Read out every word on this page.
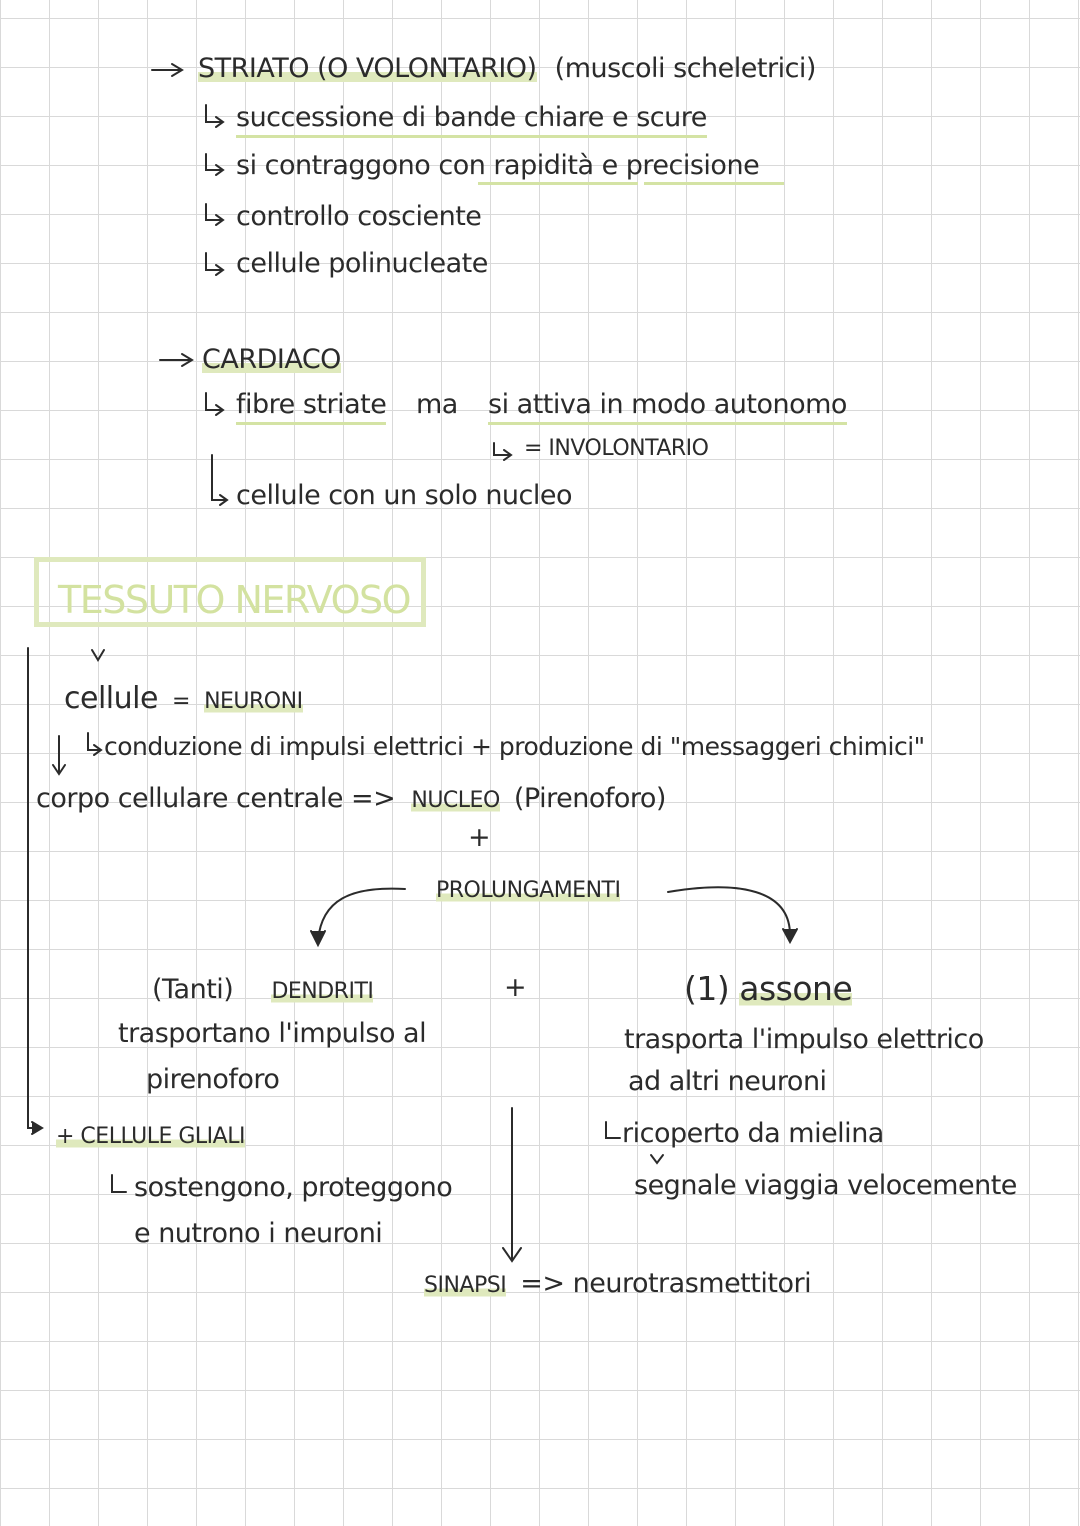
STRIATO (O VOLONTARIO) (muscoli scheletrici)
successione di bande chiare e scure
si contraggono con rapidità e precisione
controllo cosciente
cellule polinucleate
CARDIACO
fibre striate ma si attiva in modo autonomo
= INVOLONTARIO
cellule con un solo nucleo
TESSUTO NERVOSO
cellule = NEURONI
conduzione di impulsi elettrici + produzione di "messaggeri chimici"
corpo cellulare centrale => NUCLEO (Pirenoforo)
+
PROLUNGAMENTI
(Tanti) DENDRITI
trasportano l'impulso al
pirenoforo
+	(1) assone
trasporta l'impulso elettrico
ad altri neuroni
ricoperto da mielina
segnale viaggia velocemente
+ CELLULE GLIALI
sostengono, proteggono
e nutrono i neuroni
SINAPSI => neurotrasmettitori
